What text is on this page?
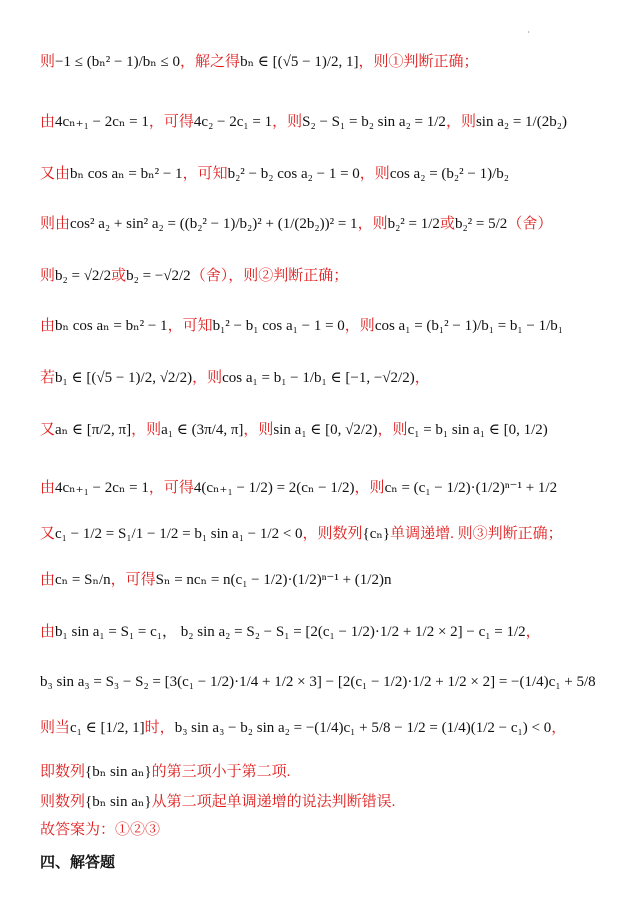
·
则−1 ≤ (bₙ² − 1)/bₙ ≤ 0，解之得bₙ ∈ [(√5 − 1)/2, 1]，则①判断正确；
由4cₙ₊₁ − 2cₙ = 1，可得4c₂ − 2c₁ = 1，则S₂ − S₁ = b₂ sin a₂ = 1/2，则sin a₂ = 1/(2b₂)
又由bₙ cos aₙ = bₙ² − 1，可知b₂² − b₂ cos a₂ − 1 = 0，则cos a₂ = (b₂² − 1)/b₂
则由cos² a₂ + sin² a₂ = ((b₂² − 1)/b₂)² + (1/(2b₂))² = 1，则b₂² = 1/2或b₂² = 5/2（舍）
则b₂ = √2/2或b₂ = −√2/2（舍），则②判断正确；
由bₙ cos aₙ = bₙ² − 1，可知b₁² − b₁ cos a₁ − 1 = 0，则cos a₁ = (b₁² − 1)/b₁ = b₁ − 1/b₁
若b₁ ∈ [(√5 − 1)/2, √2/2)，则cos a₁ = b₁ − 1/b₁ ∈ [−1, −√2/2)，
又aₙ ∈ [π/2, π]，则a₁ ∈ (3π/4, π]，则sin a₁ ∈ [0, √2/2)，则c₁ = b₁ sin a₁ ∈ [0, 1/2)
由4cₙ₊₁ − 2cₙ = 1，可得4(cₙ₊₁ − 1/2) = 2(cₙ − 1/2)，则cₙ = (c₁ − 1/2)·(1/2)ⁿ⁻¹ + 1/2
又c₁ − 1/2 = S₁/1 − 1/2 = b₁ sin a₁ − 1/2 < 0，则数列{cₙ}单调递增. 则③判断正确；
由cₙ = Sₙ/n，可得Sₙ = ncₙ = n(c₁ − 1/2)·(1/2)ⁿ⁻¹ + (1/2)n
由b₁ sin a₁ = S₁ = c₁， b₂ sin a₂ = S₂ − S₁ = [2(c₁ − 1/2)·1/2 + 1/2 × 2] − c₁ = 1/2，
b₃ sin a₃ = S₃ − S₂ = [3(c₁ − 1/2)·1/4 + 1/2 × 3] − [2(c₁ − 1/2)·1/2 + 1/2 × 2] = −(1/4)c₁ + 5/8
则当c₁ ∈ [1/2, 1]时，b₃ sin a₃ − b₂ sin a₂ = −(1/4)c₁ + 5/8 − 1/2 = (1/4)(1/2 − c₁) < 0，
即数列{bₙ sin aₙ}的第三项小于第二项.
则数列{bₙ sin aₙ}从第二项起单调递增的说法判断错误.
故答案为：①②③
四、解答题
